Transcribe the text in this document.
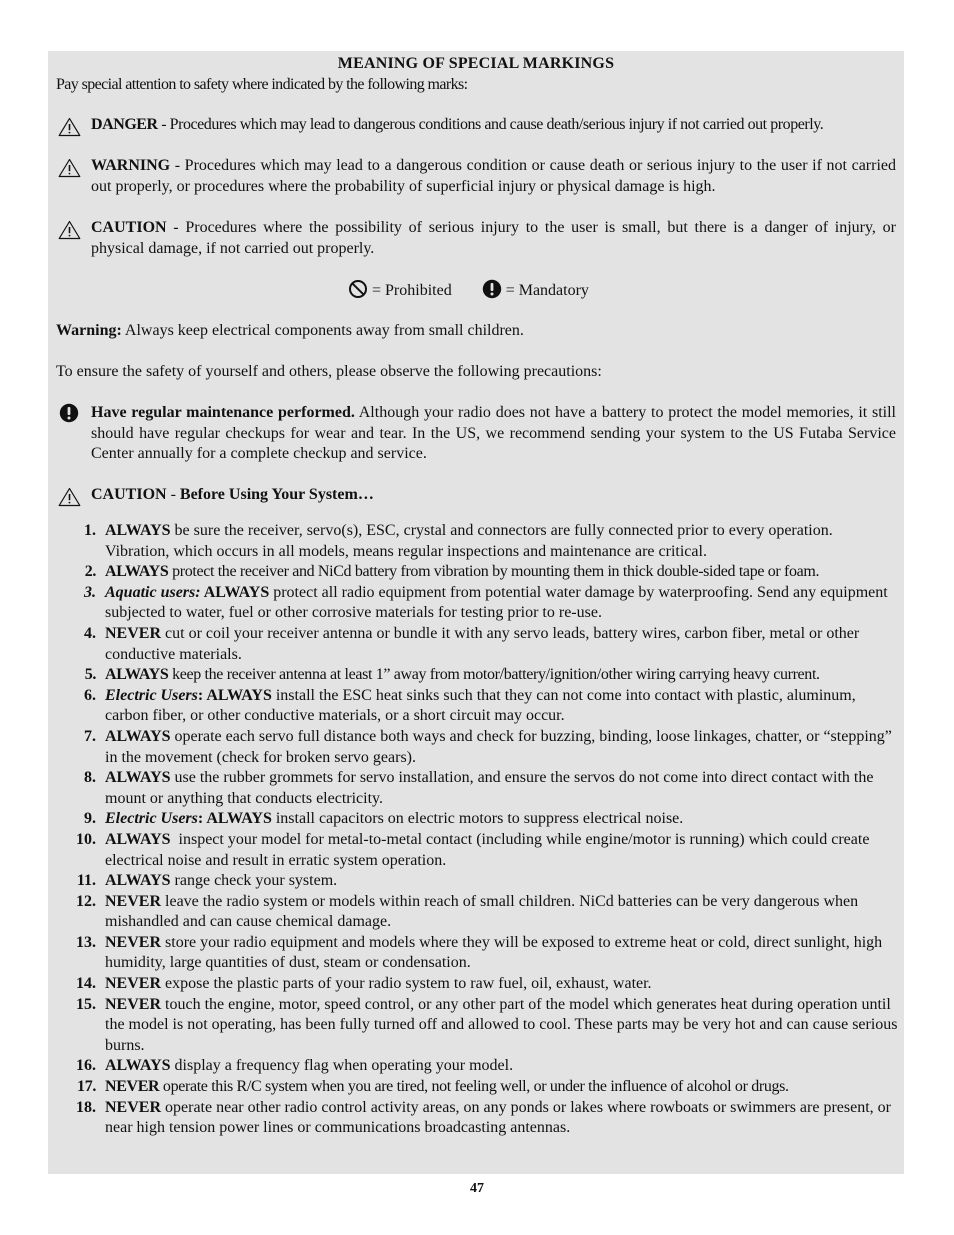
MEANING OF SPECIAL MARKINGS

Pay special attention to safety where indicated by the following marks:

DANGER - Procedures which may lead to dangerous conditions and cause death/serious injury if not carried out properly.

WARNING - Procedures which may lead to a dangerous condition or cause death or serious injury to the user if not carried out properly, or procedures where the probability of superficial injury or physical damage is high.

CAUTION - Procedures where the possibility of serious injury to the user is small, but there is a danger of injury, or physical damage, if not carried out properly.

= Prohibited	= Mandatory

Warning: Always keep electrical components away from small children.

To ensure the safety of yourself and others, please observe the following precautions:

Have regular maintenance performed. Although your radio does not have a battery to protect the model memories, it still should have regular checkups for wear and tear. In the US, we recommend sending your system to the US Futaba Service Center annually for a complete checkup and service.

CAUTION - Before Using Your System…

1. ALWAYS be sure the receiver, servo(s), ESC, crystal and connectors are fully connected prior to every operation. Vibration, which occurs in all models, means regular inspections and maintenance are critical.
2. ALWAYS protect the receiver and NiCd battery from vibration by mounting them in thick double-sided tape or foam.
3. Aquatic users: ALWAYS protect all radio equipment from potential water damage by waterproofing. Send any equipment subjected to water, fuel or other corrosive materials for testing prior to re-use.
4. NEVER cut or coil your receiver antenna or bundle it with any servo leads, battery wires, carbon fiber, metal or other conductive materials.
5. ALWAYS keep the receiver antenna at least 1” away from motor/battery/ignition/other wiring carrying heavy current.
6. Electric Users: ALWAYS install the ESC heat sinks such that they can not come into contact with plastic, aluminum, carbon fiber, or other conductive materials, or a short circuit may occur.
7. ALWAYS operate each servo full distance both ways and check for buzzing, binding, loose linkages, chatter, or “stepping” in the movement (check for broken servo gears).
8. ALWAYS use the rubber grommets for servo installation, and ensure the servos do not come into direct contact with the mount or anything that conducts electricity.
9. Electric Users: ALWAYS install capacitors on electric motors to suppress electrical noise.
10. ALWAYS  inspect your model for metal-to-metal contact (including while engine/motor is running) which could create electrical noise and result in erratic system operation.
11. ALWAYS range check your system.
12. NEVER leave the radio system or models within reach of small children. NiCd batteries can be very dangerous when mishandled and can cause chemical damage.
13. NEVER store your radio equipment and models where they will be exposed to extreme heat or cold, direct sunlight, high humidity, large quantities of dust, steam or condensation.
14. NEVER expose the plastic parts of your radio system to raw fuel, oil, exhaust, water.
15. NEVER touch the engine, motor, speed control, or any other part of the model which generates heat during operation until the model is not operating, has been fully turned off and allowed to cool. These parts may be very hot and can cause serious burns.
16. ALWAYS display a frequency flag when operating your model.
17. NEVER operate this R/C system when you are tired, not feeling well, or under the influence of alcohol or drugs.
18. NEVER operate near other radio control activity areas, on any ponds or lakes where rowboats or swimmers are present, or near high tension power lines or communications broadcasting antennas.
47
